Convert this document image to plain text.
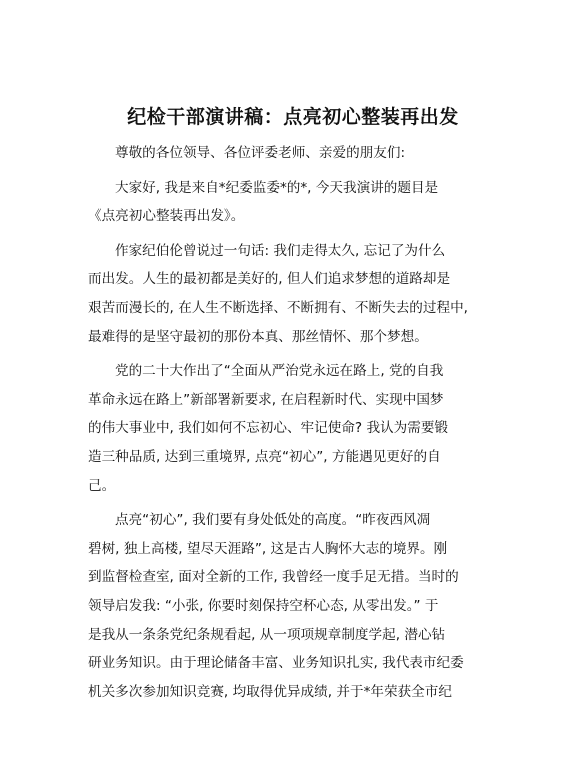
纪检干部演讲稿：点亮初心整装再出发
尊敬的各位领导、各位评委老师、亲爱的朋友们:
大家好, 我是来自*纪委监委*的*, 今天我演讲的题目是
《点亮初心整装再出发》。
作家纪伯伦曾说过一句话: 我们走得太久, 忘记了为什么
而出发。人生的最初都是美好的, 但人们追求梦想的道路却是
艰苦而漫长的, 在人生不断选择、不断拥有、不断失去的过程中,
最难得的是坚守最初的那份本真、那丝情怀、那个梦想。
党的二十大作出了“全面从严治党永远在路上, 党的自我
革命永远在路上”新部署新要求, 在启程新时代、实现中国梦
的伟大事业中, 我们如何不忘初心、牢记使命? 我认为需要锻
造三种品质, 达到三重境界, 点亮“初心”, 方能遇见更好的自
己。
点亮“初心”, 我们要有身处低处的高度。“昨夜西风凋
碧树, 独上高楼, 望尽天涯路”, 这是古人胸怀大志的境界。刚
到监督检查室, 面对全新的工作, 我曾经一度手足无措。当时的
领导启发我: “小张, 你要时刻保持空杯心态, 从零出发。” 于
是我从一条条党纪条规看起, 从一项项规章制度学起, 潜心钻
研业务知识。由于理论储备丰富、业务知识扎实, 我代表市纪委
机关多次参加知识竞赛, 均取得优异成绩, 并于*年荣获全市纪
